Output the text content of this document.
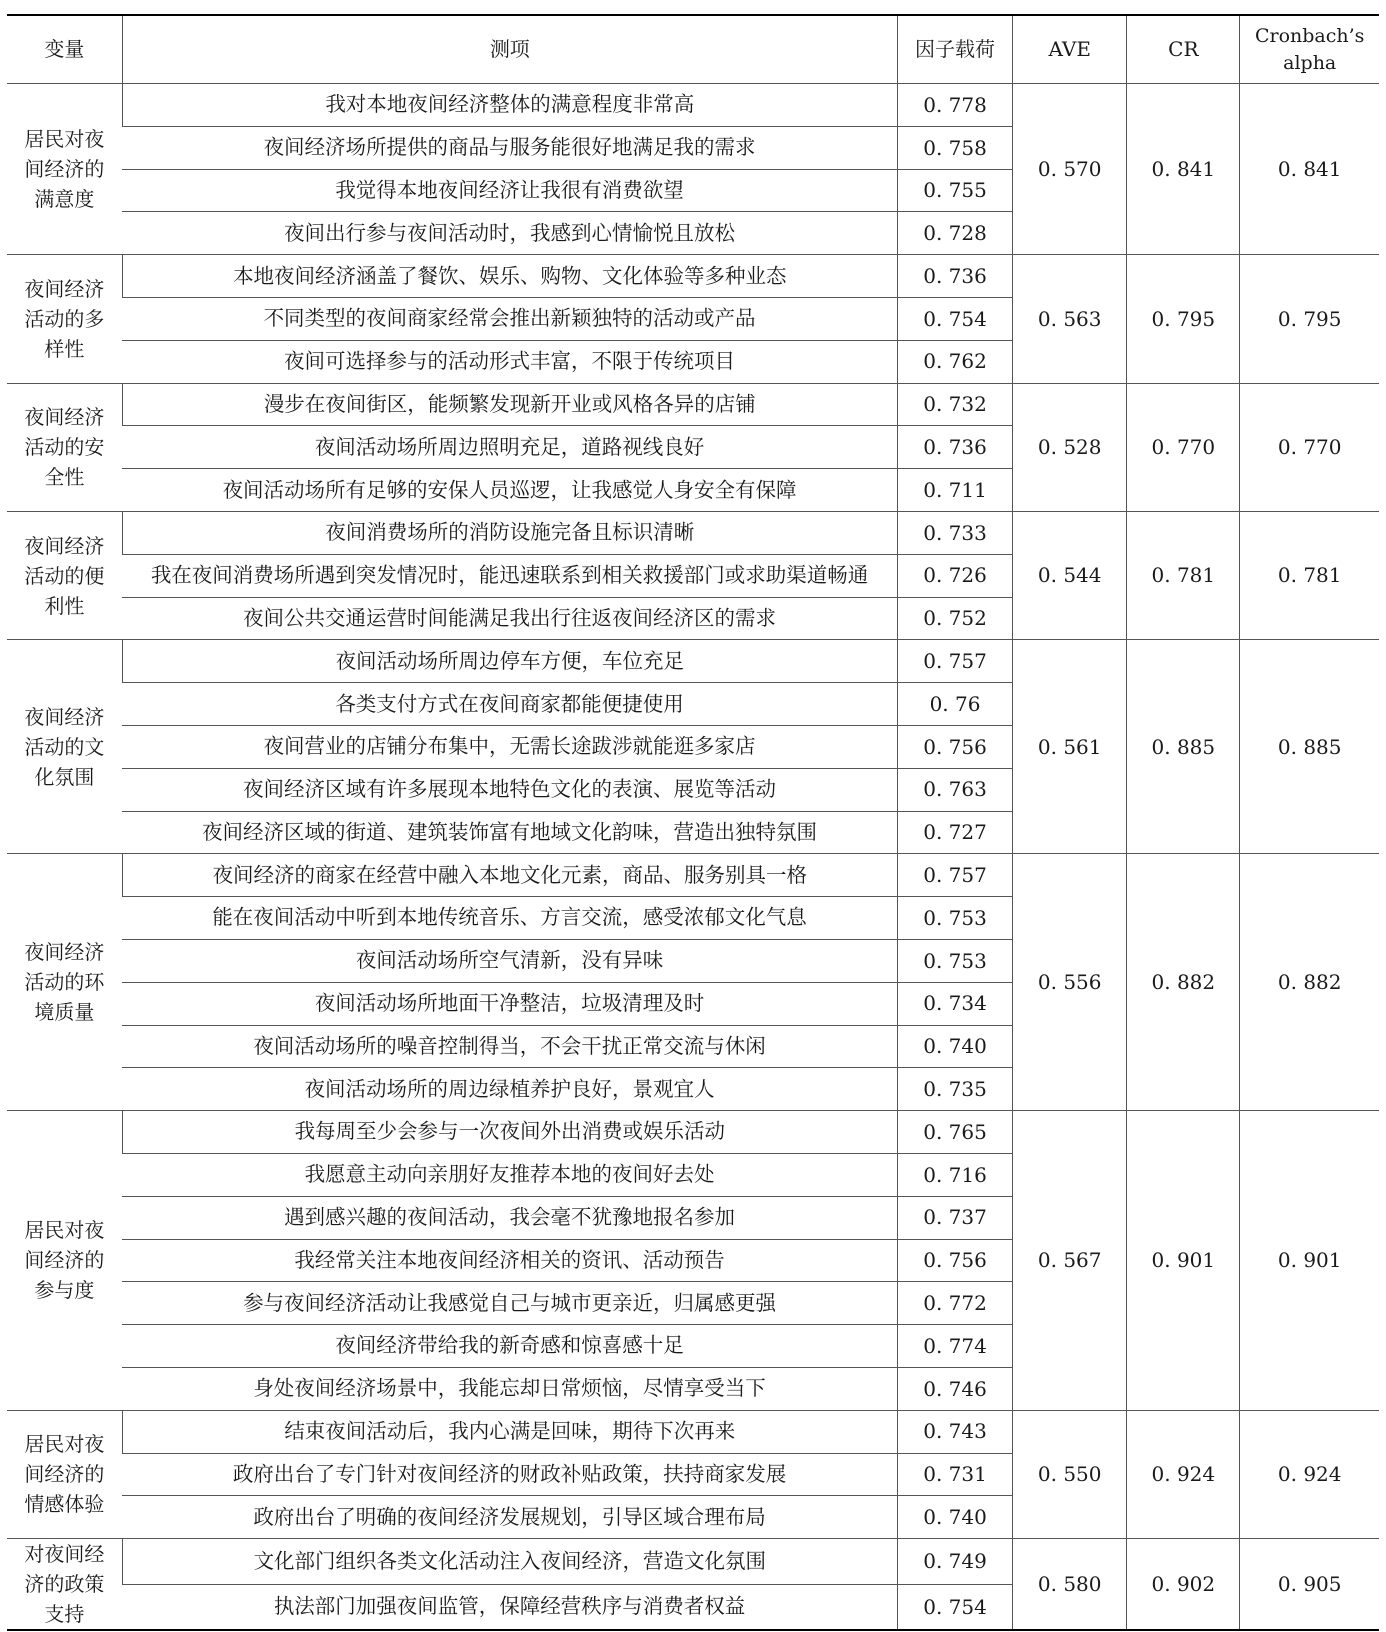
变量	测项	因子载荷	AVE	CR	Cronbach’s alpha
居民对夜间经济的满意度	我对本地夜间经济整体的满意程度非常高	0. 778	0. 570	0. 841	0. 841
	夜间经济场所提供的商品与服务能很好地满足我的需求	0. 758			
	我觉得本地夜间经济让我很有消费欲望	0. 755			
	夜间出行参与夜间活动时，我感到心情愉悦且放松	0. 728			
夜间经济活动的多样性	本地夜间经济涵盖了餐饮、娱乐、购物、文化体验等多种业态	0. 736	0. 563	0. 795	0. 795
	不同类型的夜间商家经常会推出新颖独特的活动或产品	0. 754			
	夜间可选择参与的活动形式丰富，不限于传统项目	0. 762			
夜间经济活动的安全性	漫步在夜间街区，能频繁发现新开业或风格各异的店铺	0. 732	0. 528	0. 770	0. 770
	夜间活动场所周边照明充足，道路视线良好	0. 736			
	夜间活动场所有足够的安保人员巡逻，让我感觉人身安全有保障	0. 711			
夜间经济活动的便利性	夜间消费场所的消防设施完备且标识清晰	0. 733	0. 544	0. 781	0. 781
	我在夜间消费场所遇到突发情况时，能迅速联系到相关救援部门或求助渠道畅通	0. 726			
	夜间公共交通运营时间能满足我出行往返夜间经济区的需求	0. 752			
夜间经济活动的文化氛围	夜间活动场所周边停车方便，车位充足	0. 757	0. 561	0. 885	0. 885
	各类支付方式在夜间商家都能便捷使用	0. 76			
	夜间营业的店铺分布集中，无需长途跋涉就能逛多家店	0. 756			
	夜间经济区域有许多展现本地特色文化的表演、展览等活动	0. 763			
	夜间经济区域的街道、建筑装饰富有地域文化韵味，营造出独特氛围	0. 727			
夜间经济活动的环境质量	夜间经济的商家在经营中融入本地文化元素，商品、服务别具一格	0. 757	0. 556	0. 882	0. 882
	能在夜间活动中听到本地传统音乐、方言交流，感受浓郁文化气息	0. 753			
	夜间活动场所空气清新，没有异味	0. 753			
	夜间活动场所地面干净整洁，垃圾清理及时	0. 734			
	夜间活动场所的噪音控制得当，不会干扰正常交流与休闲	0. 740			
	夜间活动场所的周边绿植养护良好，景观宜人	0. 735			
居民对夜间经济的参与度	我每周至少会参与一次夜间外出消费或娱乐活动	0. 765	0. 567	0. 901	0. 901
	我愿意主动向亲朋好友推荐本地的夜间好去处	0. 716			
	遇到感兴趣的夜间活动，我会毫不犹豫地报名参加	0. 737			
	我经常关注本地夜间经济相关的资讯、活动预告	0. 756			
	参与夜间经济活动让我感觉自己与城市更亲近，归属感更强	0. 772			
	夜间经济带给我的新奇感和惊喜感十足	0. 774			
	身处夜间经济场景中，我能忘却日常烦恼，尽情享受当下	0. 746			
居民对夜间经济的情感体验	结束夜间活动后，我内心满是回味，期待下次再来	0. 743	0. 550	0. 924	0. 924
	政府出台了专门针对夜间经济的财政补贴政策，扶持商家发展	0. 731			
	政府出台了明确的夜间经济发展规划，引导区域合理布局	0. 740			
对夜间经济的政策支持	文化部门组织各类文化活动注入夜间经济，营造文化氛围	0. 749	0. 580	0. 902	0. 905
	执法部门加强夜间监管，保障经营秩序与消费者权益	0. 754			
